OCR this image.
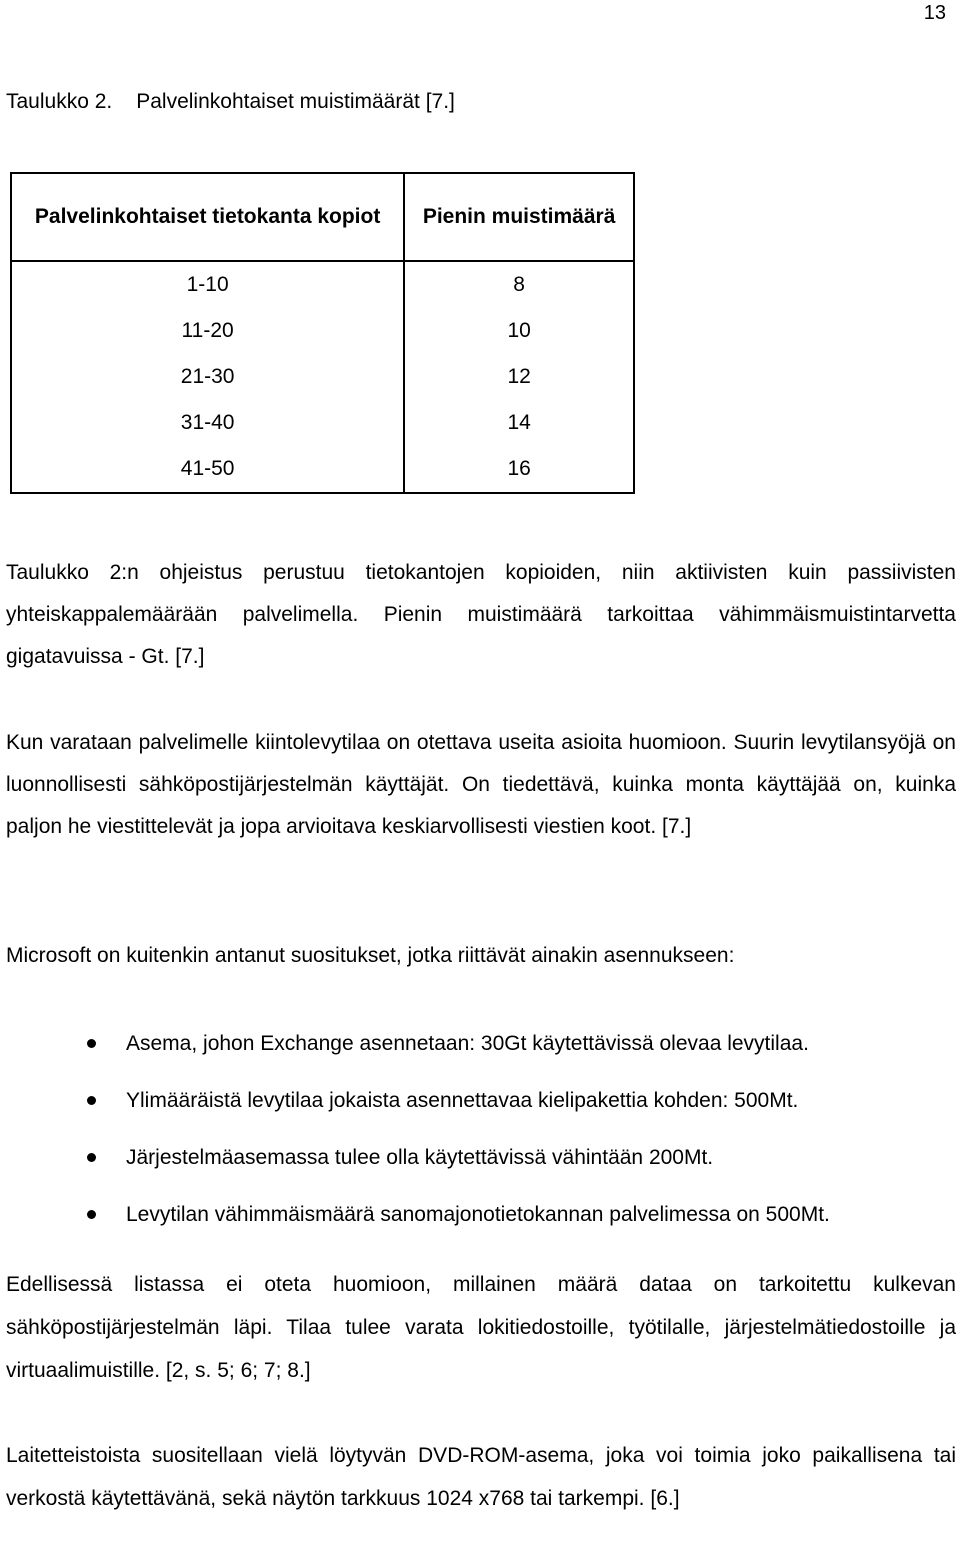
13
Taulukko 2. Palvelinkohtaiset muistimäärät [7.]
Palvelinkohtaiset tietokanta kopiot	Pienin muistimäärä
1-10	8
11-20	10
21-30	12
31-40	14
41-50	16

Taulukko 2:n ohjeistus perustuu tietokantojen kopioiden, niin aktiivisten kuin passiivisten yhteiskappalemäärään palvelimella. Pienin muistimäärä tarkoittaa vähimmäismuistintarvetta gigatavuissa - Gt. [7.]

Kun varataan palvelimelle kiintolevytilaa on otettava useita asioita huomioon. Suurin levytilansyöjä on luonnollisesti sähköpostijärjestelmän käyttäjät. On tiedettävä, kuinka monta käyttäjää on, kuinka paljon he viestittelevät ja jopa arvioitava keskiarvollisesti viestien koot. [7.]

Microsoft on kuitenkin antanut suositukset, jotka riittävät ainakin asennukseen:

Asema, johon Exchange asennetaan: 30Gt käytettävissä olevaa levytilaa.
Ylimääräistä levytilaa jokaista asennettavaa kielipakettia kohden: 500Mt.
Järjestelmäasemassa tulee olla käytettävissä vähintään 200Mt.
Levytilan vähimmäismäärä sanomajonotietokannan palvelimessa on 500Mt.

Edellisessä listassa ei oteta huomioon, millainen määrä dataa on tarkoitettu kulkevan sähköpostijärjestelmän läpi. Tilaa tulee varata lokitiedostoille, työtilalle, järjestelmätiedostoille ja virtuaalimuistille. [2, s. 5; 6; 7; 8.]

Laitetteistoista suositellaan vielä löytyvän DVD-ROM-asema, joka voi toimia joko paikallisena tai verkostä käytettävänä, sekä näytön tarkkuus 1024 x768 tai tarkempi. [6.]
